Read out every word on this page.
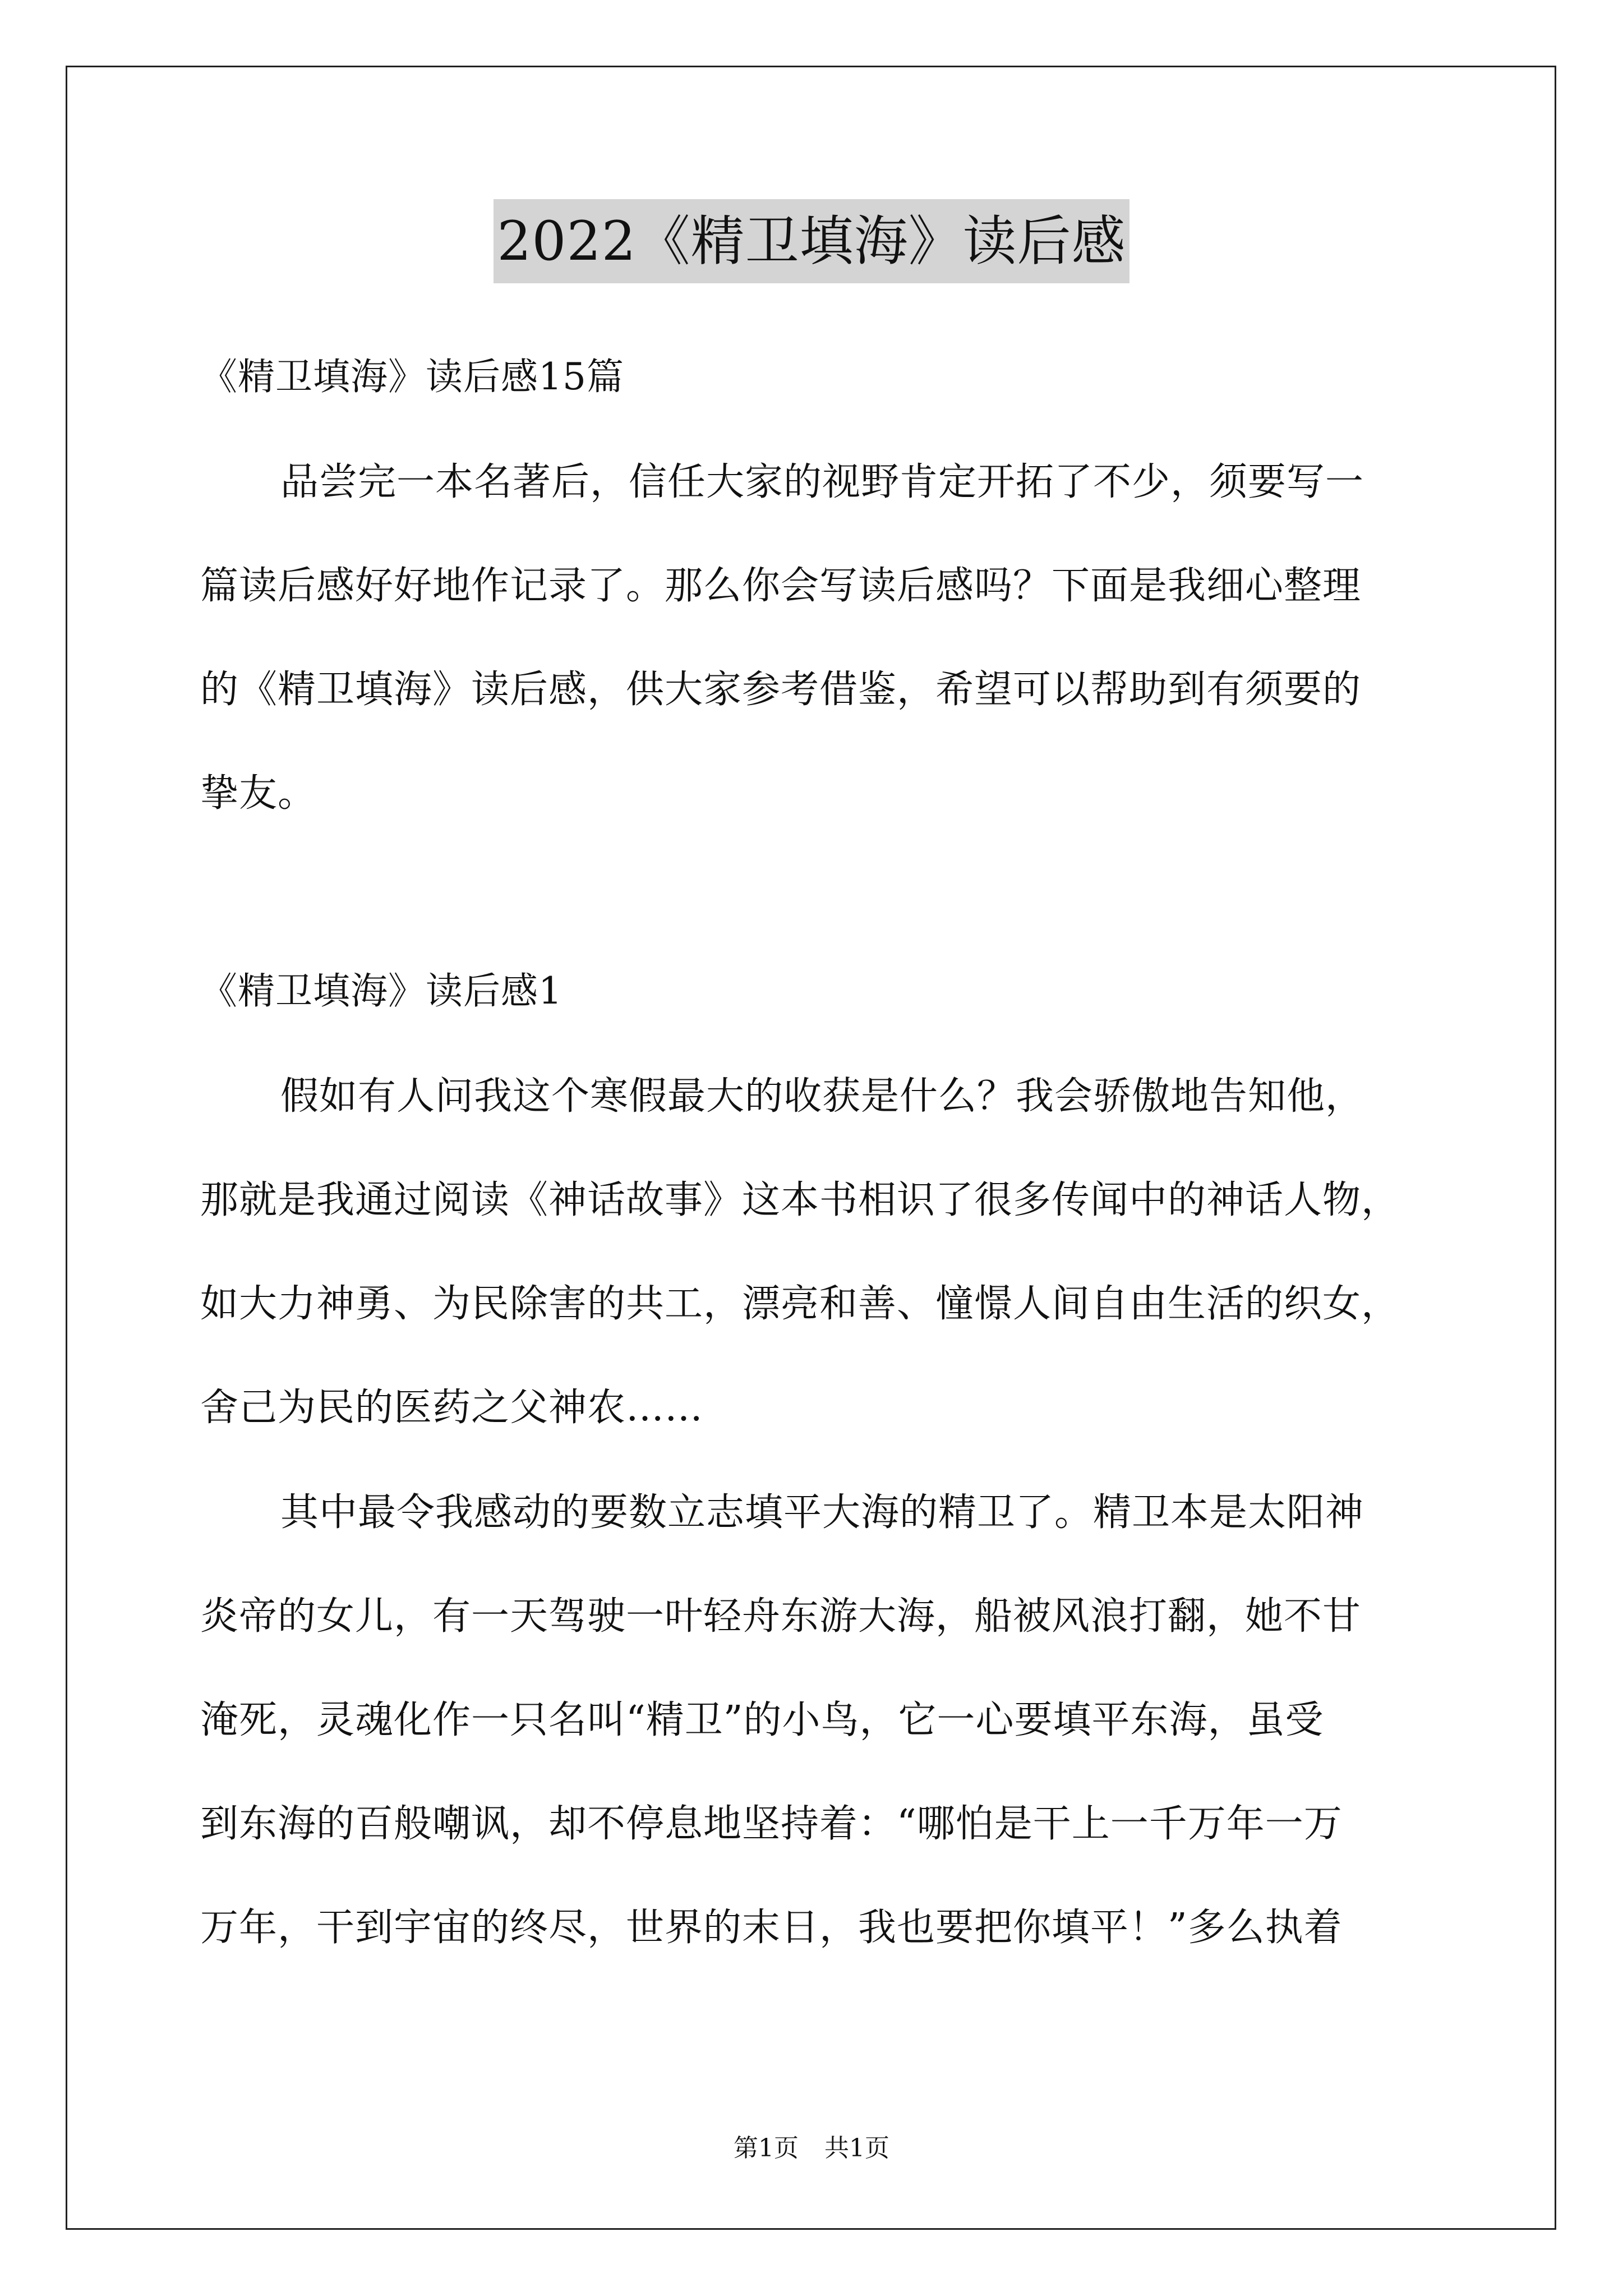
2022《精卫填海》读后感
《精卫填海》读后感15篇
品尝完一本名著后，信任大家的视野肯定开拓了不少，须要写一
篇读后感好好地作记录了。那么你会写读后感吗？下面是我细心整理
的《精卫填海》读后感，供大家参考借鉴，希望可以帮助到有须要的
挚友。
《精卫填海》读后感1
假如有人问我这个寒假最大的收获是什么？我会骄傲地告知他，
那就是我通过阅读《神话故事》这本书相识了很多传闻中的神话人物，
如大力神勇、为民除害的共工，漂亮和善、憧憬人间自由生活的织女，
舍己为民的医药之父神农……
其中最令我感动的要数立志填平大海的精卫了。精卫本是太阳神
炎帝的女儿，有一天驾驶一叶轻舟东游大海，船被风浪打翻，她不甘
淹死，灵魂化作一只名叫“精卫”的小鸟，它一心要填平东海，虽受
到东海的百般嘲讽，却不停息地坚持着：“哪怕是干上一千万年一万
万年，干到宇宙的终尽，世界的末日，我也要把你填平！”多么执着
第1页 共1页
